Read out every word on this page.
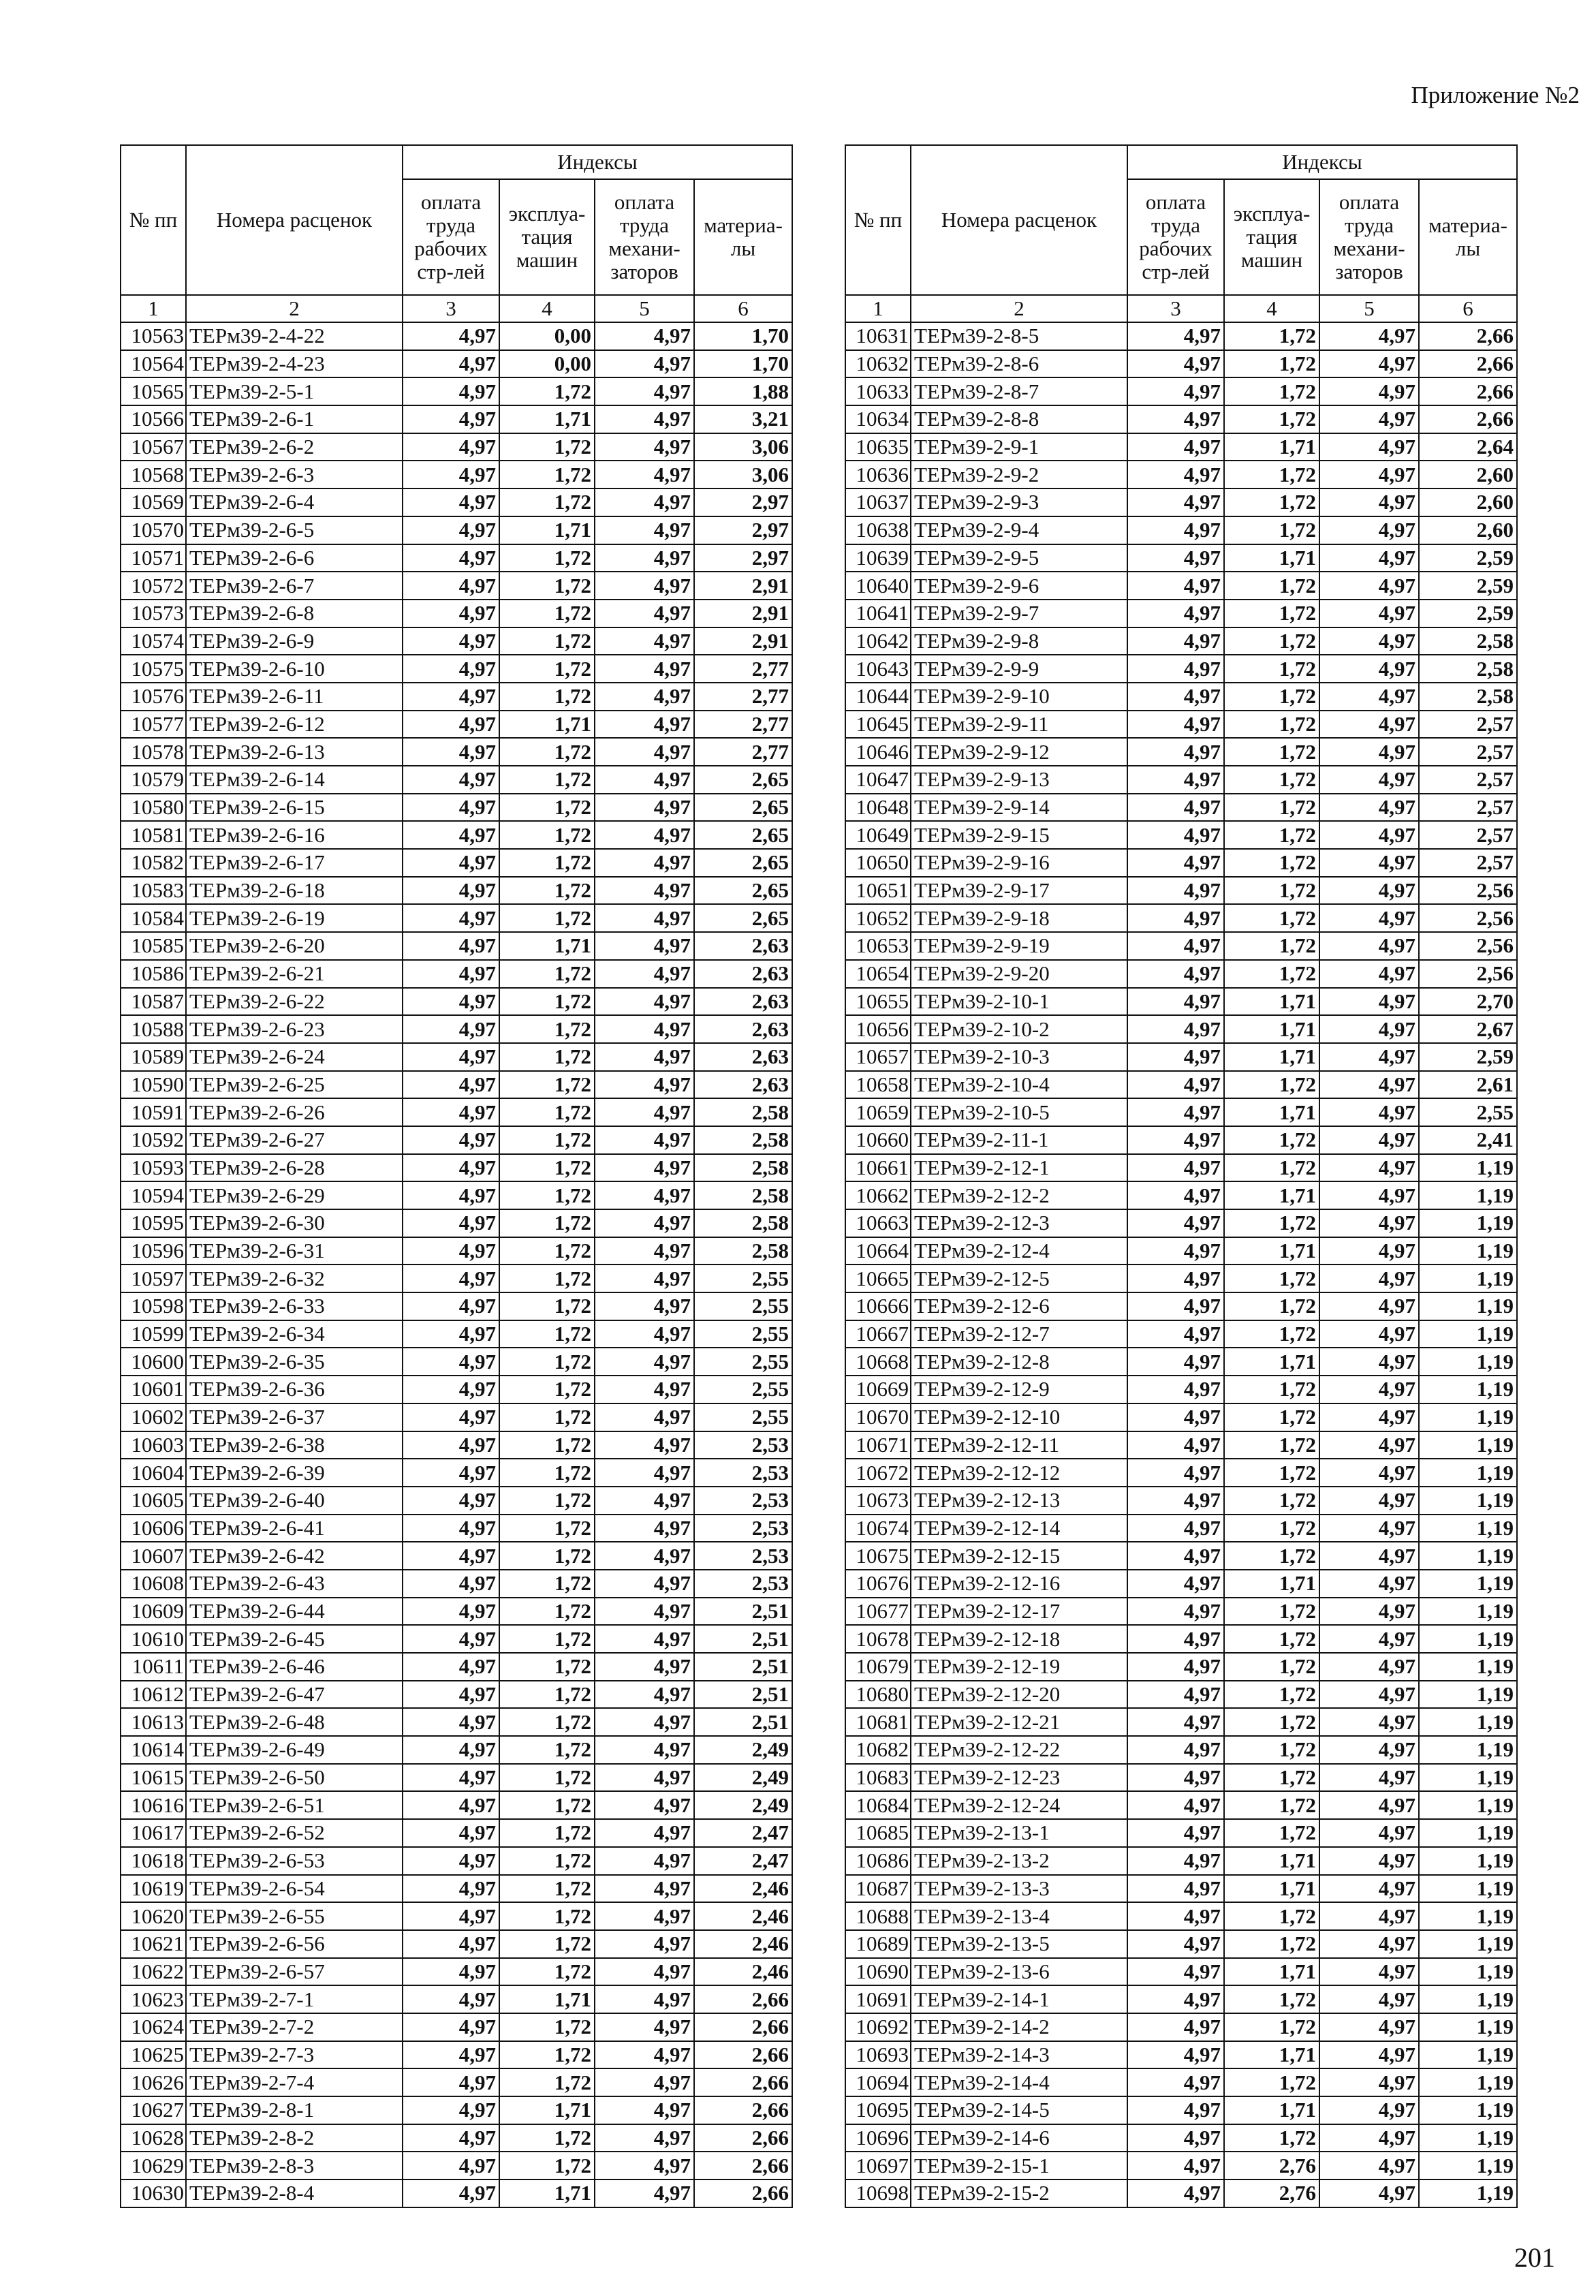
Приложение №2
№ пп	Номера расценок	Индексы			
		оплата труда рабочих стр-лей	эксплуа-тация машин	оплата труда механи-заторов	материа-лы
1	2	3	4	5	6
10563	ТЕРм39-2-4-22	4,97	0,00	4,97	1,70
10564	ТЕРм39-2-4-23	4,97	0,00	4,97	1,70
10565	ТЕРм39-2-5-1	4,97	1,72	4,97	1,88
10566	ТЕРм39-2-6-1	4,97	1,71	4,97	3,21
10567	ТЕРм39-2-6-2	4,97	1,72	4,97	3,06
10568	ТЕРм39-2-6-3	4,97	1,72	4,97	3,06
10569	ТЕРм39-2-6-4	4,97	1,72	4,97	2,97
10570	ТЕРм39-2-6-5	4,97	1,71	4,97	2,97
10571	ТЕРм39-2-6-6	4,97	1,72	4,97	2,97
10572	ТЕРм39-2-6-7	4,97	1,72	4,97	2,91
10573	ТЕРм39-2-6-8	4,97	1,72	4,97	2,91
10574	ТЕРм39-2-6-9	4,97	1,72	4,97	2,91
10575	ТЕРм39-2-6-10	4,97	1,72	4,97	2,77
10576	ТЕРм39-2-6-11	4,97	1,72	4,97	2,77
10577	ТЕРм39-2-6-12	4,97	1,71	4,97	2,77
10578	ТЕРм39-2-6-13	4,97	1,72	4,97	2,77
10579	ТЕРм39-2-6-14	4,97	1,72	4,97	2,65
10580	ТЕРм39-2-6-15	4,97	1,72	4,97	2,65
10581	ТЕРм39-2-6-16	4,97	1,72	4,97	2,65
10582	ТЕРм39-2-6-17	4,97	1,72	4,97	2,65
10583	ТЕРм39-2-6-18	4,97	1,72	4,97	2,65
10584	ТЕРм39-2-6-19	4,97	1,72	4,97	2,65
10585	ТЕРм39-2-6-20	4,97	1,71	4,97	2,63
10586	ТЕРм39-2-6-21	4,97	1,72	4,97	2,63
10587	ТЕРм39-2-6-22	4,97	1,72	4,97	2,63
10588	ТЕРм39-2-6-23	4,97	1,72	4,97	2,63
10589	ТЕРм39-2-6-24	4,97	1,72	4,97	2,63
10590	ТЕРм39-2-6-25	4,97	1,72	4,97	2,63
10591	ТЕРм39-2-6-26	4,97	1,72	4,97	2,58
10592	ТЕРм39-2-6-27	4,97	1,72	4,97	2,58
10593	ТЕРм39-2-6-28	4,97	1,72	4,97	2,58
10594	ТЕРм39-2-6-29	4,97	1,72	4,97	2,58
10595	ТЕРм39-2-6-30	4,97	1,72	4,97	2,58
10596	ТЕРм39-2-6-31	4,97	1,72	4,97	2,58
10597	ТЕРм39-2-6-32	4,97	1,72	4,97	2,55
10598	ТЕРм39-2-6-33	4,97	1,72	4,97	2,55
10599	ТЕРм39-2-6-34	4,97	1,72	4,97	2,55
10600	ТЕРм39-2-6-35	4,97	1,72	4,97	2,55
10601	ТЕРм39-2-6-36	4,97	1,72	4,97	2,55
10602	ТЕРм39-2-6-37	4,97	1,72	4,97	2,55
10603	ТЕРм39-2-6-38	4,97	1,72	4,97	2,53
10604	ТЕРм39-2-6-39	4,97	1,72	4,97	2,53
10605	ТЕРм39-2-6-40	4,97	1,72	4,97	2,53
10606	ТЕРм39-2-6-41	4,97	1,72	4,97	2,53
10607	ТЕРм39-2-6-42	4,97	1,72	4,97	2,53
10608	ТЕРм39-2-6-43	4,97	1,72	4,97	2,53
10609	ТЕРм39-2-6-44	4,97	1,72	4,97	2,51
10610	ТЕРм39-2-6-45	4,97	1,72	4,97	2,51
10611	ТЕРм39-2-6-46	4,97	1,72	4,97	2,51
10612	ТЕРм39-2-6-47	4,97	1,72	4,97	2,51
10613	ТЕРм39-2-6-48	4,97	1,72	4,97	2,51
10614	ТЕРм39-2-6-49	4,97	1,72	4,97	2,49
10615	ТЕРм39-2-6-50	4,97	1,72	4,97	2,49
10616	ТЕРм39-2-6-51	4,97	1,72	4,97	2,49
10617	ТЕРм39-2-6-52	4,97	1,72	4,97	2,47
10618	ТЕРм39-2-6-53	4,97	1,72	4,97	2,47
10619	ТЕРм39-2-6-54	4,97	1,72	4,97	2,46
10620	ТЕРм39-2-6-55	4,97	1,72	4,97	2,46
10621	ТЕРм39-2-6-56	4,97	1,72	4,97	2,46
10622	ТЕРм39-2-6-57	4,97	1,72	4,97	2,46
10623	ТЕРм39-2-7-1	4,97	1,71	4,97	2,66
10624	ТЕРм39-2-7-2	4,97	1,72	4,97	2,66
10625	ТЕРм39-2-7-3	4,97	1,72	4,97	2,66
10626	ТЕРм39-2-7-4	4,97	1,72	4,97	2,66
10627	ТЕРм39-2-8-1	4,97	1,71	4,97	2,66
10628	ТЕРм39-2-8-2	4,97	1,72	4,97	2,66
10629	ТЕРм39-2-8-3	4,97	1,72	4,97	2,66
10630	ТЕРм39-2-8-4	4,97	1,71	4,97	2,66
№ пп	Номера расценок	Индексы			
		оплата труда рабочих стр-лей	эксплуа-тация машин	оплата труда механи-заторов	материа-лы
1	2	3	4	5	6
10631	ТЕРм39-2-8-5	4,97	1,72	4,97	2,66
10632	ТЕРм39-2-8-6	4,97	1,72	4,97	2,66
10633	ТЕРм39-2-8-7	4,97	1,72	4,97	2,66
10634	ТЕРм39-2-8-8	4,97	1,72	4,97	2,66
10635	ТЕРм39-2-9-1	4,97	1,71	4,97	2,64
10636	ТЕРм39-2-9-2	4,97	1,72	4,97	2,60
10637	ТЕРм39-2-9-3	4,97	1,72	4,97	2,60
10638	ТЕРм39-2-9-4	4,97	1,72	4,97	2,60
10639	ТЕРм39-2-9-5	4,97	1,71	4,97	2,59
10640	ТЕРм39-2-9-6	4,97	1,72	4,97	2,59
10641	ТЕРм39-2-9-7	4,97	1,72	4,97	2,59
10642	ТЕРм39-2-9-8	4,97	1,72	4,97	2,58
10643	ТЕРм39-2-9-9	4,97	1,72	4,97	2,58
10644	ТЕРм39-2-9-10	4,97	1,72	4,97	2,58
10645	ТЕРм39-2-9-11	4,97	1,72	4,97	2,57
10646	ТЕРм39-2-9-12	4,97	1,72	4,97	2,57
10647	ТЕРм39-2-9-13	4,97	1,72	4,97	2,57
10648	ТЕРм39-2-9-14	4,97	1,72	4,97	2,57
10649	ТЕРм39-2-9-15	4,97	1,72	4,97	2,57
10650	ТЕРм39-2-9-16	4,97	1,72	4,97	2,57
10651	ТЕРм39-2-9-17	4,97	1,72	4,97	2,56
10652	ТЕРм39-2-9-18	4,97	1,72	4,97	2,56
10653	ТЕРм39-2-9-19	4,97	1,72	4,97	2,56
10654	ТЕРм39-2-9-20	4,97	1,72	4,97	2,56
10655	ТЕРм39-2-10-1	4,97	1,71	4,97	2,70
10656	ТЕРм39-2-10-2	4,97	1,71	4,97	2,67
10657	ТЕРм39-2-10-3	4,97	1,71	4,97	2,59
10658	ТЕРм39-2-10-4	4,97	1,72	4,97	2,61
10659	ТЕРм39-2-10-5	4,97	1,71	4,97	2,55
10660	ТЕРм39-2-11-1	4,97	1,72	4,97	2,41
10661	ТЕРм39-2-12-1	4,97	1,72	4,97	1,19
10662	ТЕРм39-2-12-2	4,97	1,71	4,97	1,19
10663	ТЕРм39-2-12-3	4,97	1,72	4,97	1,19
10664	ТЕРм39-2-12-4	4,97	1,71	4,97	1,19
10665	ТЕРм39-2-12-5	4,97	1,72	4,97	1,19
10666	ТЕРм39-2-12-6	4,97	1,72	4,97	1,19
10667	ТЕРм39-2-12-7	4,97	1,72	4,97	1,19
10668	ТЕРм39-2-12-8	4,97	1,71	4,97	1,19
10669	ТЕРм39-2-12-9	4,97	1,72	4,97	1,19
10670	ТЕРм39-2-12-10	4,97	1,72	4,97	1,19
10671	ТЕРм39-2-12-11	4,97	1,72	4,97	1,19
10672	ТЕРм39-2-12-12	4,97	1,72	4,97	1,19
10673	ТЕРм39-2-12-13	4,97	1,72	4,97	1,19
10674	ТЕРм39-2-12-14	4,97	1,72	4,97	1,19
10675	ТЕРм39-2-12-15	4,97	1,72	4,97	1,19
10676	ТЕРм39-2-12-16	4,97	1,71	4,97	1,19
10677	ТЕРм39-2-12-17	4,97	1,72	4,97	1,19
10678	ТЕРм39-2-12-18	4,97	1,72	4,97	1,19
10679	ТЕРм39-2-12-19	4,97	1,72	4,97	1,19
10680	ТЕРм39-2-12-20	4,97	1,72	4,97	1,19
10681	ТЕРм39-2-12-21	4,97	1,72	4,97	1,19
10682	ТЕРм39-2-12-22	4,97	1,72	4,97	1,19
10683	ТЕРм39-2-12-23	4,97	1,72	4,97	1,19
10684	ТЕРм39-2-12-24	4,97	1,72	4,97	1,19
10685	ТЕРм39-2-13-1	4,97	1,72	4,97	1,19
10686	ТЕРм39-2-13-2	4,97	1,71	4,97	1,19
10687	ТЕРм39-2-13-3	4,97	1,71	4,97	1,19
10688	ТЕРм39-2-13-4	4,97	1,72	4,97	1,19
10689	ТЕРм39-2-13-5	4,97	1,72	4,97	1,19
10690	ТЕРм39-2-13-6	4,97	1,71	4,97	1,19
10691	ТЕРм39-2-14-1	4,97	1,72	4,97	1,19
10692	ТЕРм39-2-14-2	4,97	1,72	4,97	1,19
10693	ТЕРм39-2-14-3	4,97	1,71	4,97	1,19
10694	ТЕРм39-2-14-4	4,97	1,72	4,97	1,19
10695	ТЕРм39-2-14-5	4,97	1,71	4,97	1,19
10696	ТЕРм39-2-14-6	4,97	1,72	4,97	1,19
10697	ТЕРм39-2-15-1	4,97	2,76	4,97	1,19
10698	ТЕРм39-2-15-2	4,97	2,76	4,97	1,19
201
